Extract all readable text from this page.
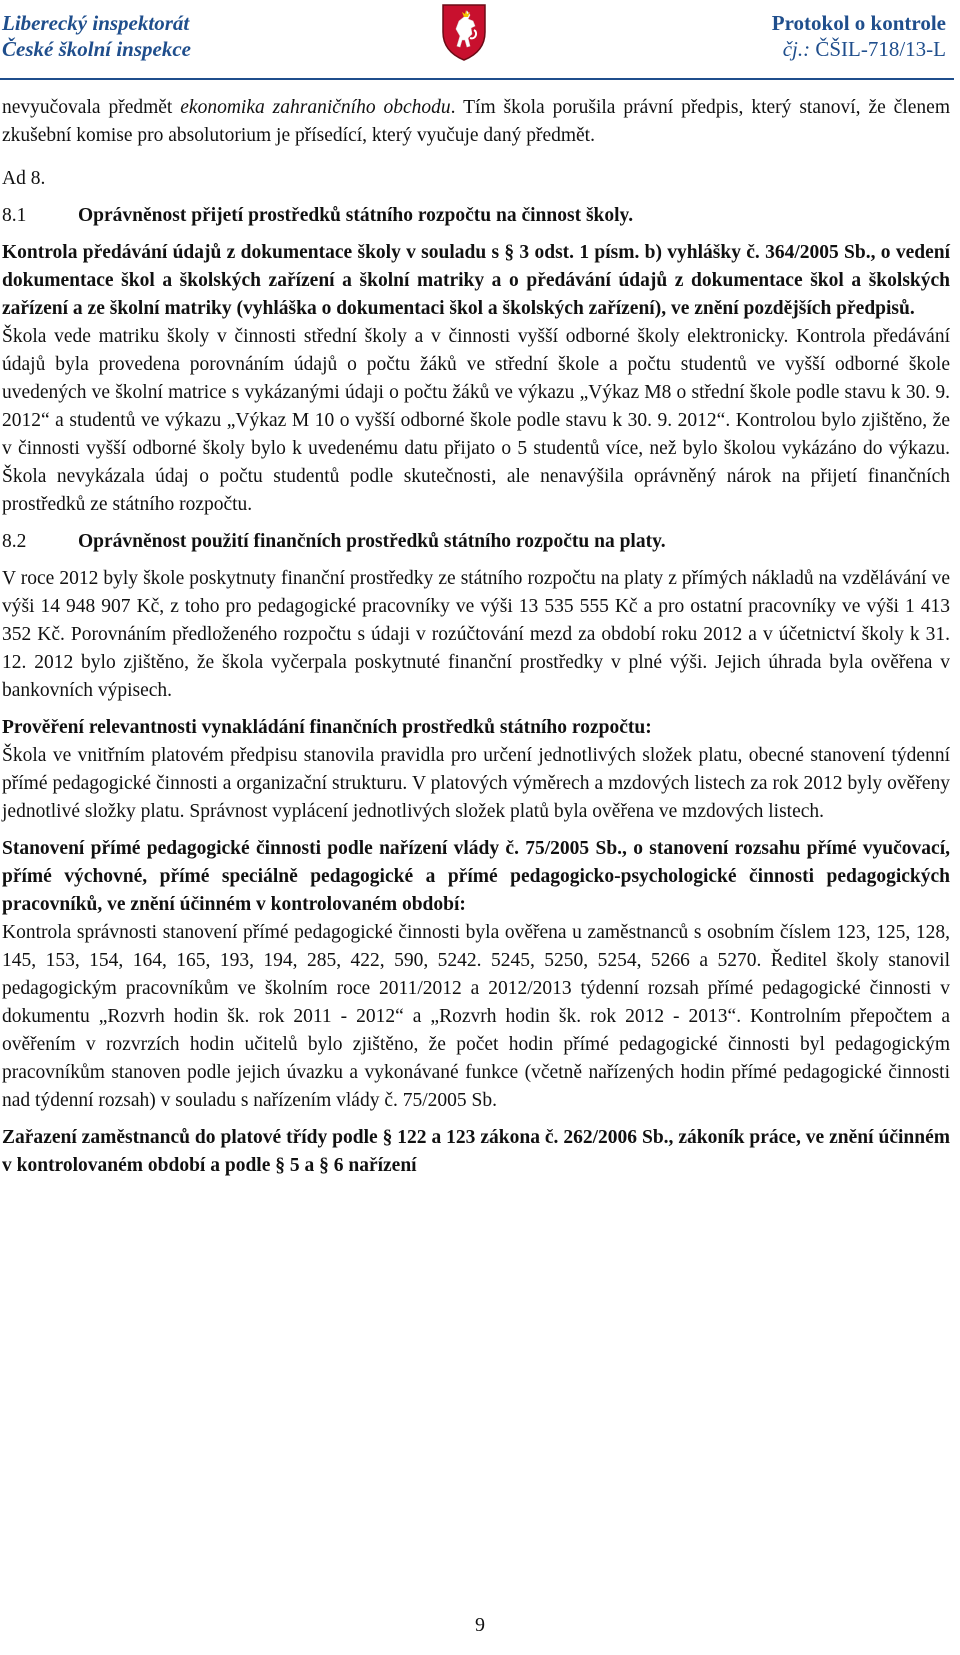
Liberecký inspektorát
České školní inspekce
Protokol o kontrole
čj.: ČŠIL-718/13-L

nevyučovala předmět ekonomika zahraničního obchodu. Tím škola porušila právní předpis, který stanoví, že členem zkušební komise pro absolutorium je přísedící, který vyučuje daný předmět.

Ad 8.

8.1	Oprávněnost přijetí prostředků státního rozpočtu na činnost školy.

Kontrola předávání údajů z dokumentace školy v souladu s § 3 odst. 1 písm. b) vyhlášky č. 364/2005 Sb., o vedení dokumentace škol a školských zařízení a školní matriky a o předávání údajů z dokumentace škol a školských zařízení a ze školní matriky (vyhláška o dokumentaci škol a školských zařízení), ve znění pozdějších předpisů.

Škola vede matriku školy v činnosti střední školy a v činnosti vyšší odborné školy elektronicky. Kontrola předávání údajů byla provedena porovnáním údajů o počtu žáků ve střední škole a počtu studentů ve vyšší odborné škole uvedených ve školní matrice s vykázanými údaji o počtu žáků ve výkazu „Výkaz M8 o střední škole podle stavu k 30. 9. 2012“ a studentů ve výkazu „Výkaz M 10 o vyšší odborné škole podle stavu k 30. 9. 2012“. Kontrolou bylo zjištěno, že v činnosti vyšší odborné školy bylo k uvedenému datu přijato o 5 studentů více, než bylo školou vykázáno do výkazu. Škola nevykázala údaj o počtu studentů podle skutečnosti, ale nenavýšila oprávněný nárok na přijetí finančních prostředků ze státního rozpočtu.

8.2	Oprávněnost použití finančních prostředků státního rozpočtu na platy.

V roce 2012 byly škole poskytnuty finanční prostředky ze státního rozpočtu na platy z přímých nákladů na vzdělávání ve výši 14 948 907 Kč, z toho pro pedagogické pracovníky ve výši 13 535 555 Kč a pro ostatní pracovníky ve výši 1 413 352 Kč. Porovnáním předloženého rozpočtu s údaji v rozúčtování mezd za období roku 2012 a v účetnictví školy k 31. 12. 2012 bylo zjištěno, že škola vyčerpala poskytnuté finanční prostředky v plné výši. Jejich úhrada byla ověřena v bankovních výpisech.

Prověření relevantnosti vynakládání finančních prostředků státního rozpočtu:

Škola ve vnitřním platovém předpisu stanovila pravidla pro určení jednotlivých složek platu, obecné stanovení týdenní přímé pedagogické činnosti a organizační strukturu. V platových výměrech a mzdových listech za rok 2012 byly ověřeny jednotlivé složky platu. Správnost vyplácení jednotlivých složek platů byla ověřena ve mzdových listech.

Stanovení přímé pedagogické činnosti podle nařízení vlády č. 75/2005 Sb., o stanovení rozsahu přímé vyučovací, přímé výchovné, přímé speciálně pedagogické a přímé pedagogicko-psychologické činnosti pedagogických pracovníků, ve znění účinném v kontrolovaném období:

Kontrola správnosti stanovení přímé pedagogické činnosti byla ověřena u zaměstnanců s osobním číslem 123, 125, 128, 145, 153, 154, 164, 165, 193, 194, 285, 422, 590, 5242. 5245, 5250, 5254, 5266 a 5270. Ředitel školy stanovil pedagogickým pracovníkům ve školním roce 2011/2012 a 2012/2013 týdenní rozsah přímé pedagogické činnosti v dokumentu „Rozvrh hodin šk. rok 2011 - 2012“ a „Rozvrh hodin šk. rok 2012 - 2013“. Kontrolním přepočtem a ověřením v rozvrzích hodin učitelů bylo zjištěno, že počet hodin přímé pedagogické činnosti byl pedagogickým pracovníkům stanoven podle jejich úvazku a vykonávané funkce (včetně nařízených hodin přímé pedagogické činnosti nad týdenní rozsah) v souladu s nařízením vlády č. 75/2005 Sb.

Zařazení zaměstnanců do platové třídy podle § 122 a 123 zákona č. 262/2006 Sb., zákoník práce, ve znění účinném v kontrolovaném období a podle § 5 a § 6 nařízení

9
